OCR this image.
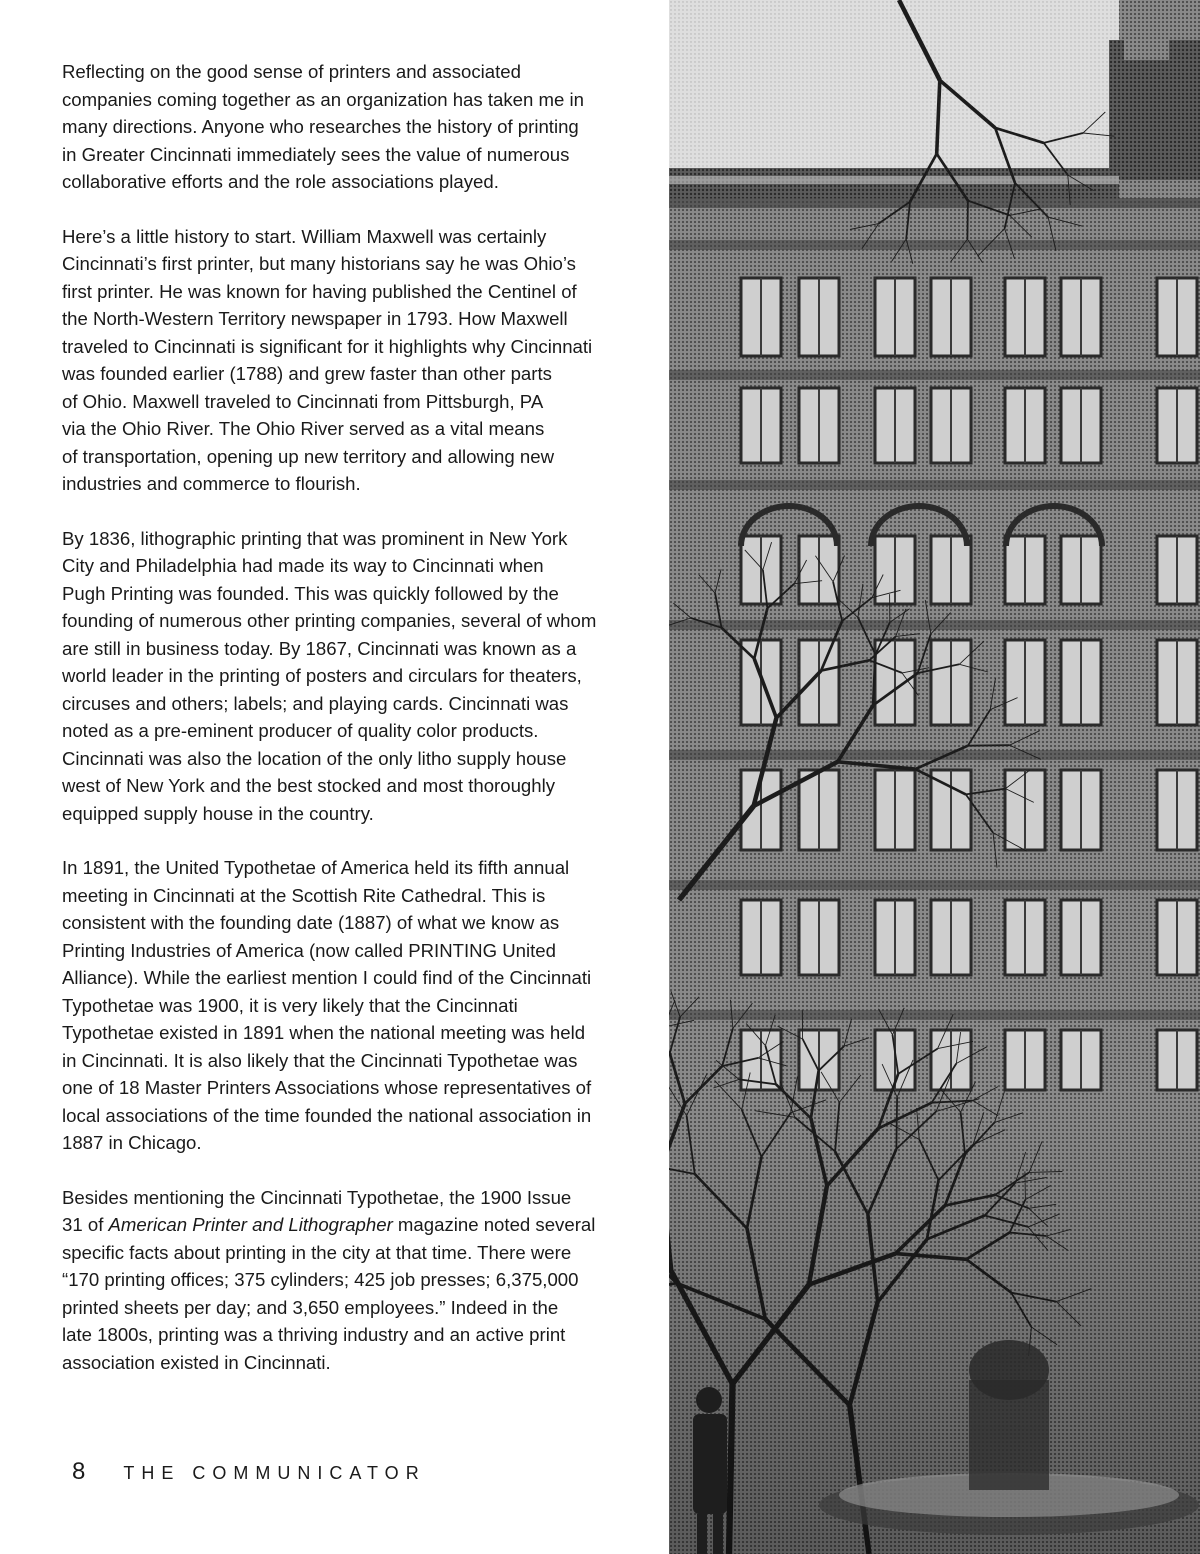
Reflecting on the good sense of printers and associated
companies coming together as an organization has taken me in
many directions. Anyone who researches the history of printing
in Greater Cincinnati immediately sees the value of numerous
collaborative efforts and the role associations played.

Here’s a little history to start. William Maxwell was certainly
Cincinnati’s first printer, but many historians say he was Ohio’s
first printer. He was known for having published the Centinel of
the North-Western Territory newspaper in 1793. How Maxwell
traveled to Cincinnati is significant for it highlights why Cincinnati
was founded earlier (1788) and grew faster than other parts
of Ohio. Maxwell traveled to Cincinnati from Pittsburgh, PA
via the Ohio River. The Ohio River served as a vital means
of transportation, opening up new territory and allowing new
industries and commerce to flourish.

By 1836, lithographic printing that was prominent in New York
City and Philadelphia had made its way to Cincinnati when
Pugh Printing was founded. This was quickly followed by the
founding of numerous other printing companies, several of whom
are still in business today. By 1867, Cincinnati was known as a
world leader in the printing of posters and circulars for theaters,
circuses and others; labels; and playing cards. Cincinnati was
noted as a pre-eminent producer of quality color products.
Cincinnati was also the location of the only litho supply house
west of New York and the best stocked and most thoroughly
equipped supply house in the country.

In 1891, the United Typothetae of America held its fifth annual
meeting in Cincinnati at the Scottish Rite Cathedral. This is
consistent with the founding date (1887) of what we know as
Printing Industries of America (now called PRINTING United
Alliance). While the earliest mention I could find of the Cincinnati
Typothetae was 1900, it is very likely that the Cincinnati
Typothetae existed in 1891 when the national meeting was held
in Cincinnati. It is also likely that the Cincinnati Typothetae was
one of 18 Master Printers Associations whose representatives of
local associations of the time founded the national association in
1887 in Chicago.

Besides mentioning the Cincinnati Typothetae, the 1900 Issue
31 of American Printer and Lithographer magazine noted several
specific facts about printing in the city at that time. There were
“170 printing offices; 375 cylinders; 425 job presses; 6,375,000
printed sheets per day; and 3,650 employees.” Indeed in the
late 1800s, printing was a thriving industry and an active print
association existed in Cincinnati.

8 THE COMMUNICATOR
